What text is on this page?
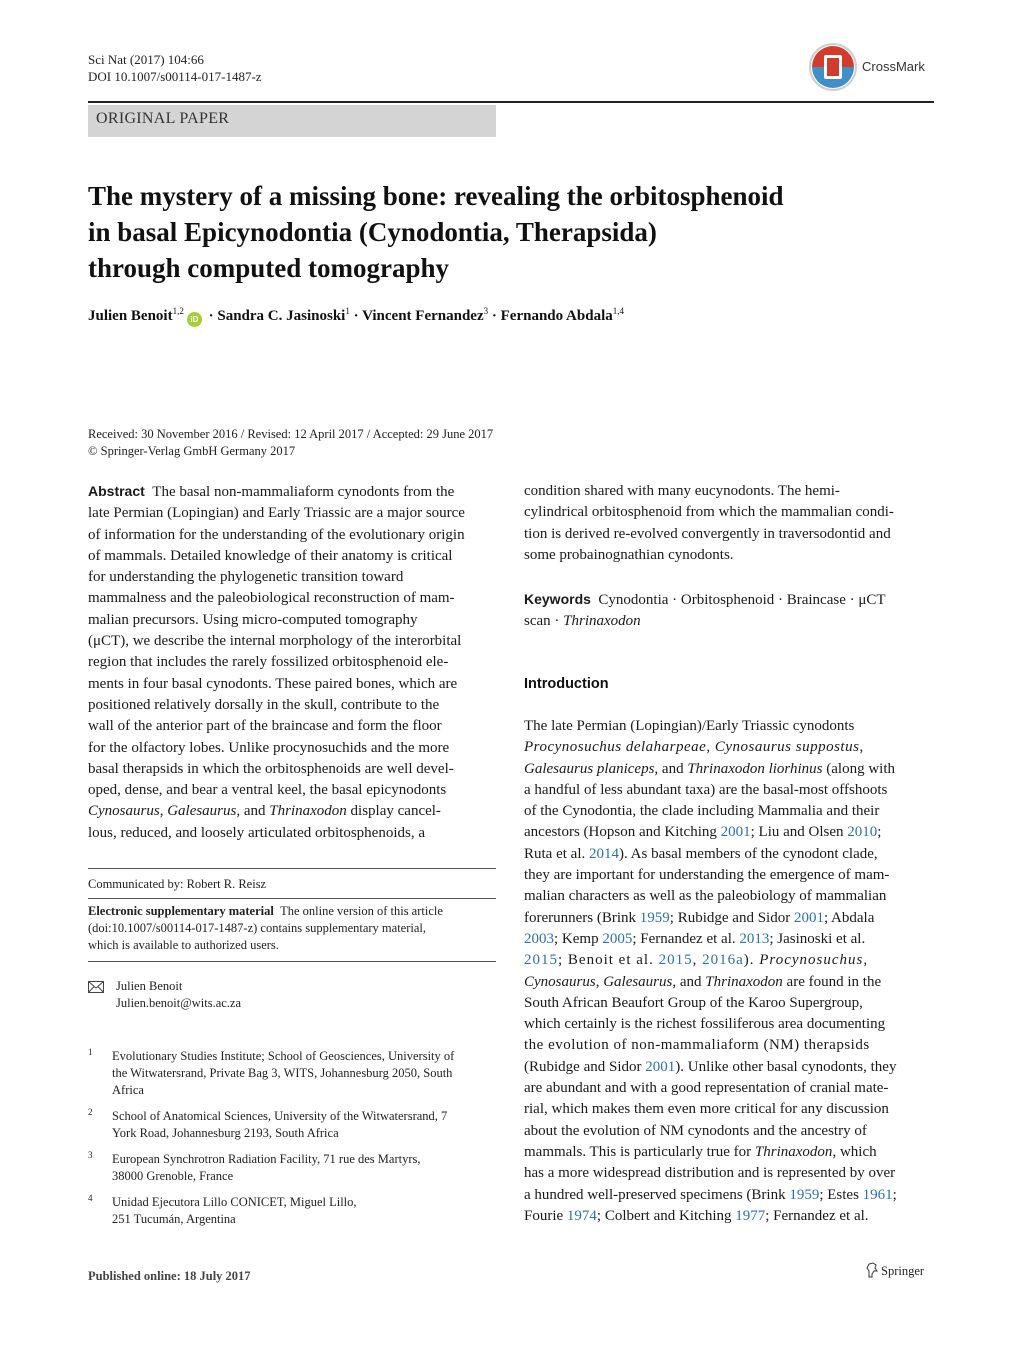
Sci Nat (2017) 104:66
DOI 10.1007/s00114-017-1487-z
CrossMark
ORIGINAL PAPER
The mystery of a missing bone: revealing the orbitosphenoid
in basal Epicynodontia (Cynodontia, Therapsida)
through computed tomography
Julien Benoit$^{1,2}$iD · Sandra C. Jasinoski$^1$ · Vincent Fernandez$^3$ · Fernando Abdala$^{1,4}$
Received: 30 November 2016 / Revised: 12 April 2017 / Accepted: 29 June 2017
© Springer-Verlag GmbH Germany 2017
Abstract The basal non-mammaliaform cynodonts from the
late Permian (Lopingian) and Early Triassic are a major source
of information for the understanding of the evolutionary origin
of mammals. Detailed knowledge of their anatomy is critical
for understanding the phylogenetic transition toward
mammalness and the paleobiological reconstruction of mam-
malian precursors. Using micro-computed tomography
(μCT), we describe the internal morphology of the interorbital
region that includes the rarely fossilized orbitosphenoid ele-
ments in four basal cynodonts. These paired bones, which are
positioned relatively dorsally in the skull, contribute to the
wall of the anterior part of the braincase and form the floor
for the olfactory lobes. Unlike procynosuchids and the more
basal therapsids in which the orbitosphenoids are well devel-
oped, dense, and bear a ventral keel, the basal epicynodonts
Cynosaurus, Galesaurus, and Thrinaxodon display cancel-
lous, reduced, and loosely articulated orbitosphenoids, a
Communicated by: Robert R. Reisz
Electronic supplementary material The online version of this article
(doi:10.1007/s00114-017-1487-z) contains supplementary material,
which is available to authorized users.
Julien Benoit
Julien.benoit@wits.ac.za
1 Evolutionary Studies Institute; School of Geosciences, University of
the Witwatersrand, Private Bag 3, WITS, Johannesburg 2050, South
Africa
2 School of Anatomical Sciences, University of the Witwatersrand, 7
York Road, Johannesburg 2193, South Africa
3 European Synchrotron Radiation Facility, 71 rue des Martyrs,
38000 Grenoble, France
4 Unidad Ejecutora Lillo CONICET, Miguel Lillo,
251 Tucumán, Argentina
condition shared with many eucynodonts. The hemi-
cylindrical orbitosphenoid from which the mammalian condi-
tion is derived re-evolved convergently in traversodontid and
some probainognathian cynodonts.
Keywords Cynodontia · Orbitosphenoid · Braincase · μCT
scan · Thrinaxodon
Introduction
The late Permian (Lopingian)/Early Triassic cynodonts
Procynosuchus delaharpeae, Cynosaurus suppostus,
Galesaurus planiceps, and Thrinaxodon liorhinus (along with
a handful of less abundant taxa) are the basal-most offshoots
of the Cynodontia, the clade including Mammalia and their
ancestors (Hopson and Kitching 2001; Liu and Olsen 2010;
Ruta et al. 2014). As basal members of the cynodont clade,
they are important for understanding the emergence of mam-
malian characters as well as the paleobiology of mammalian
forerunners (Brink 1959; Rubidge and Sidor 2001; Abdala
2003; Kemp 2005; Fernandez et al. 2013; Jasinoski et al.
2015; Benoit et al. 2015, 2016a). Procynosuchus,
Cynosaurus, Galesaurus, and Thrinaxodon are found in the
South African Beaufort Group of the Karoo Supergroup,
which certainly is the richest fossiliferous area documenting
the evolution of non-mammaliaform (NM) therapsids
(Rubidge and Sidor 2001). Unlike other basal cynodonts, they
are abundant and with a good representation of cranial mate-
rial, which makes them even more critical for any discussion
about the evolution of NM cynodonts and the ancestry of
mammals. This is particularly true for Thrinaxodon, which
has a more widespread distribution and is represented by over
a hundred well-preserved specimens (Brink 1959; Estes 1961;
Fourie 1974; Colbert and Kitching 1977; Fernandez et al.
Published online: 18 July 2017	Springer
